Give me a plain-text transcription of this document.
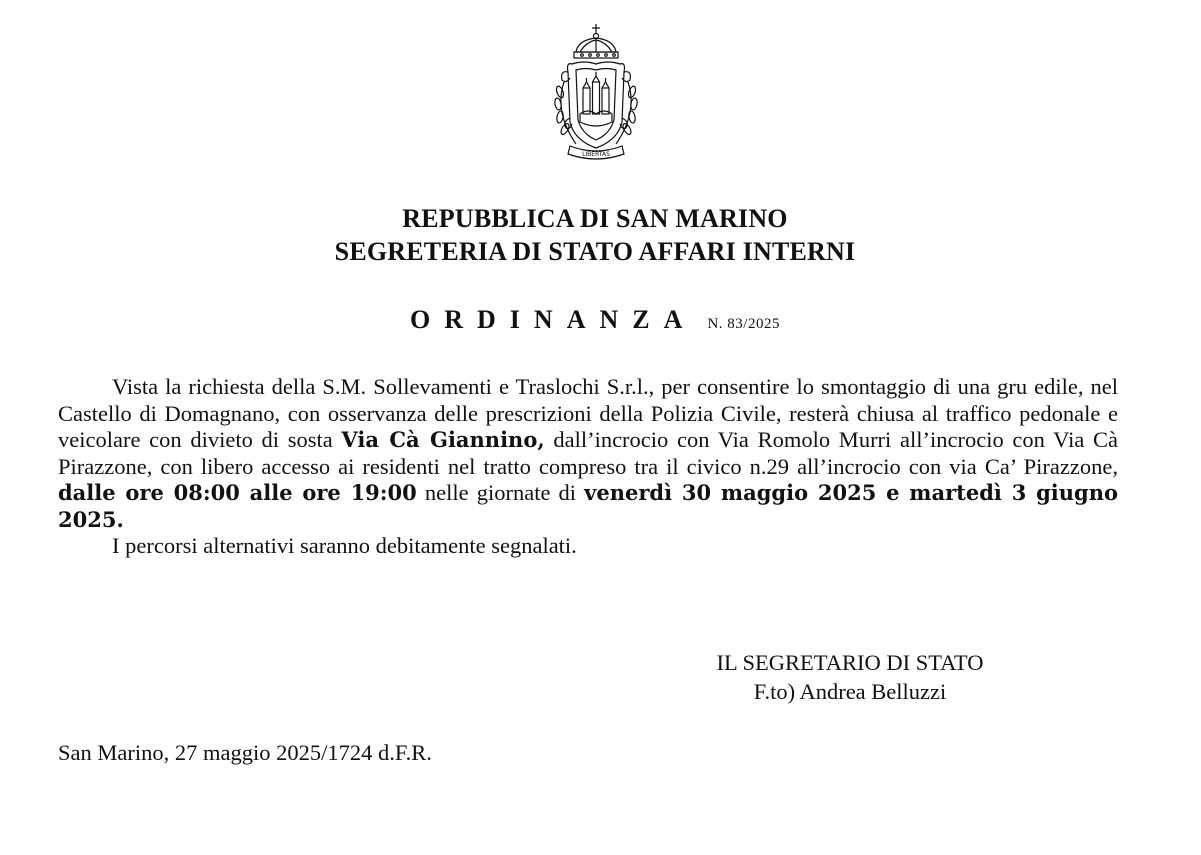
LIBERTAS
REPUBBLICA DI SAN MARINO
SEGRETERIA DI STATO AFFARI INTERNI
ORDINANZA N. 83/2025

Vista la richiesta della S.M. Sollevamenti e Traslochi S.r.l., per consentire lo smontaggio di una gru edile, nel Castello di Domagnano, con osservanza delle prescrizioni della Polizia Civile, resterà chiusa al traffico pedonale e veicolare con divieto di sosta Via Cà Giannino, dall’incrocio con Via Romolo Murri all’incrocio con Via Cà Pirazzone, con libero accesso ai residenti nel tratto compreso tra il civico n.29 all’incrocio con via Ca’ Pirazzone, dalle ore 08:00 alle ore 19:00 nelle giornate di venerdì 30 maggio 2025 e martedì 3 giugno 2025.

I percorsi alternativi saranno debitamente segnalati.

IL SEGRETARIO DI STATO
F.to) Andrea Belluzzi
San Marino, 27 maggio 2025/1724 d.F.R.
